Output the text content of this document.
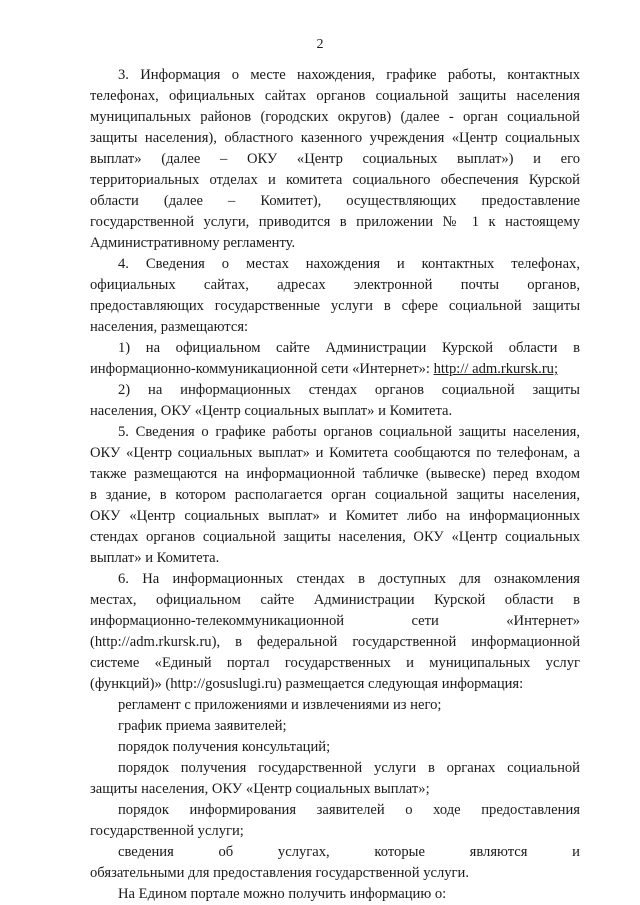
2
3. Информация о месте нахождения, графике работы, контактных
телефонах, официальных сайтах органов социальной защиты населения
муниципальных районов (городских округов) (далее - орган социальной
защиты населения), областного казенного учреждения «Центр социальных
выплат» (далее – ОКУ «Центр социальных выплат») и его
территориальных отделах и комитета социального обеспечения Курской
области (далее – Комитет), осуществляющих предоставление
государственной услуги, приводится в приложении № 1 к настоящему
Административному регламенту.
4. Сведения о местах нахождения и контактных телефонах,
официальных сайтах, адресах электронной почты органов,
предоставляющих государственные услуги в сфере социальной защиты
населения, размещаются:
1) на официальном сайте Администрации Курской области в
информационно-коммуникационной сети «Интернет»: http:// adm.rkursk.ru;
2) на информационных стендах органов социальной защиты
населения, ОКУ «Центр социальных выплат» и Комитета.
5. Сведения о графике работы органов социальной защиты населения,
ОКУ «Центр социальных выплат» и Комитета сообщаются по телефонам, а
также размещаются на информационной табличке (вывеске) перед входом
в здание, в котором располагается орган социальной защиты населения,
ОКУ «Центр социальных выплат» и Комитет либо на информационных
стендах органов социальной защиты населения, ОКУ «Центр социальных
выплат» и Комитета.
6. На информационных стендах в доступных для ознакомления
местах, официальном сайте Администрации Курской области в
информационно-телекоммуникационной сети «Интернет»
(http://adm.rkursk.ru), в федеральной государственной информационной
системе «Единый портал государственных и муниципальных услуг
(функций)» (http://gosuslugi.ru) размещается следующая информация:
регламент с приложениями и извлечениями из него;
график приема заявителей;
порядок получения консультаций;
порядок получения государственной услуги в органах социальной
защиты населения, ОКУ «Центр социальных выплат»;
порядок информирования заявителей о ходе предоставления
государственной услуги;
сведения об услугах, которые являются и
обязательными для предоставления государственной услуги.
На Едином портале можно получить информацию о:
